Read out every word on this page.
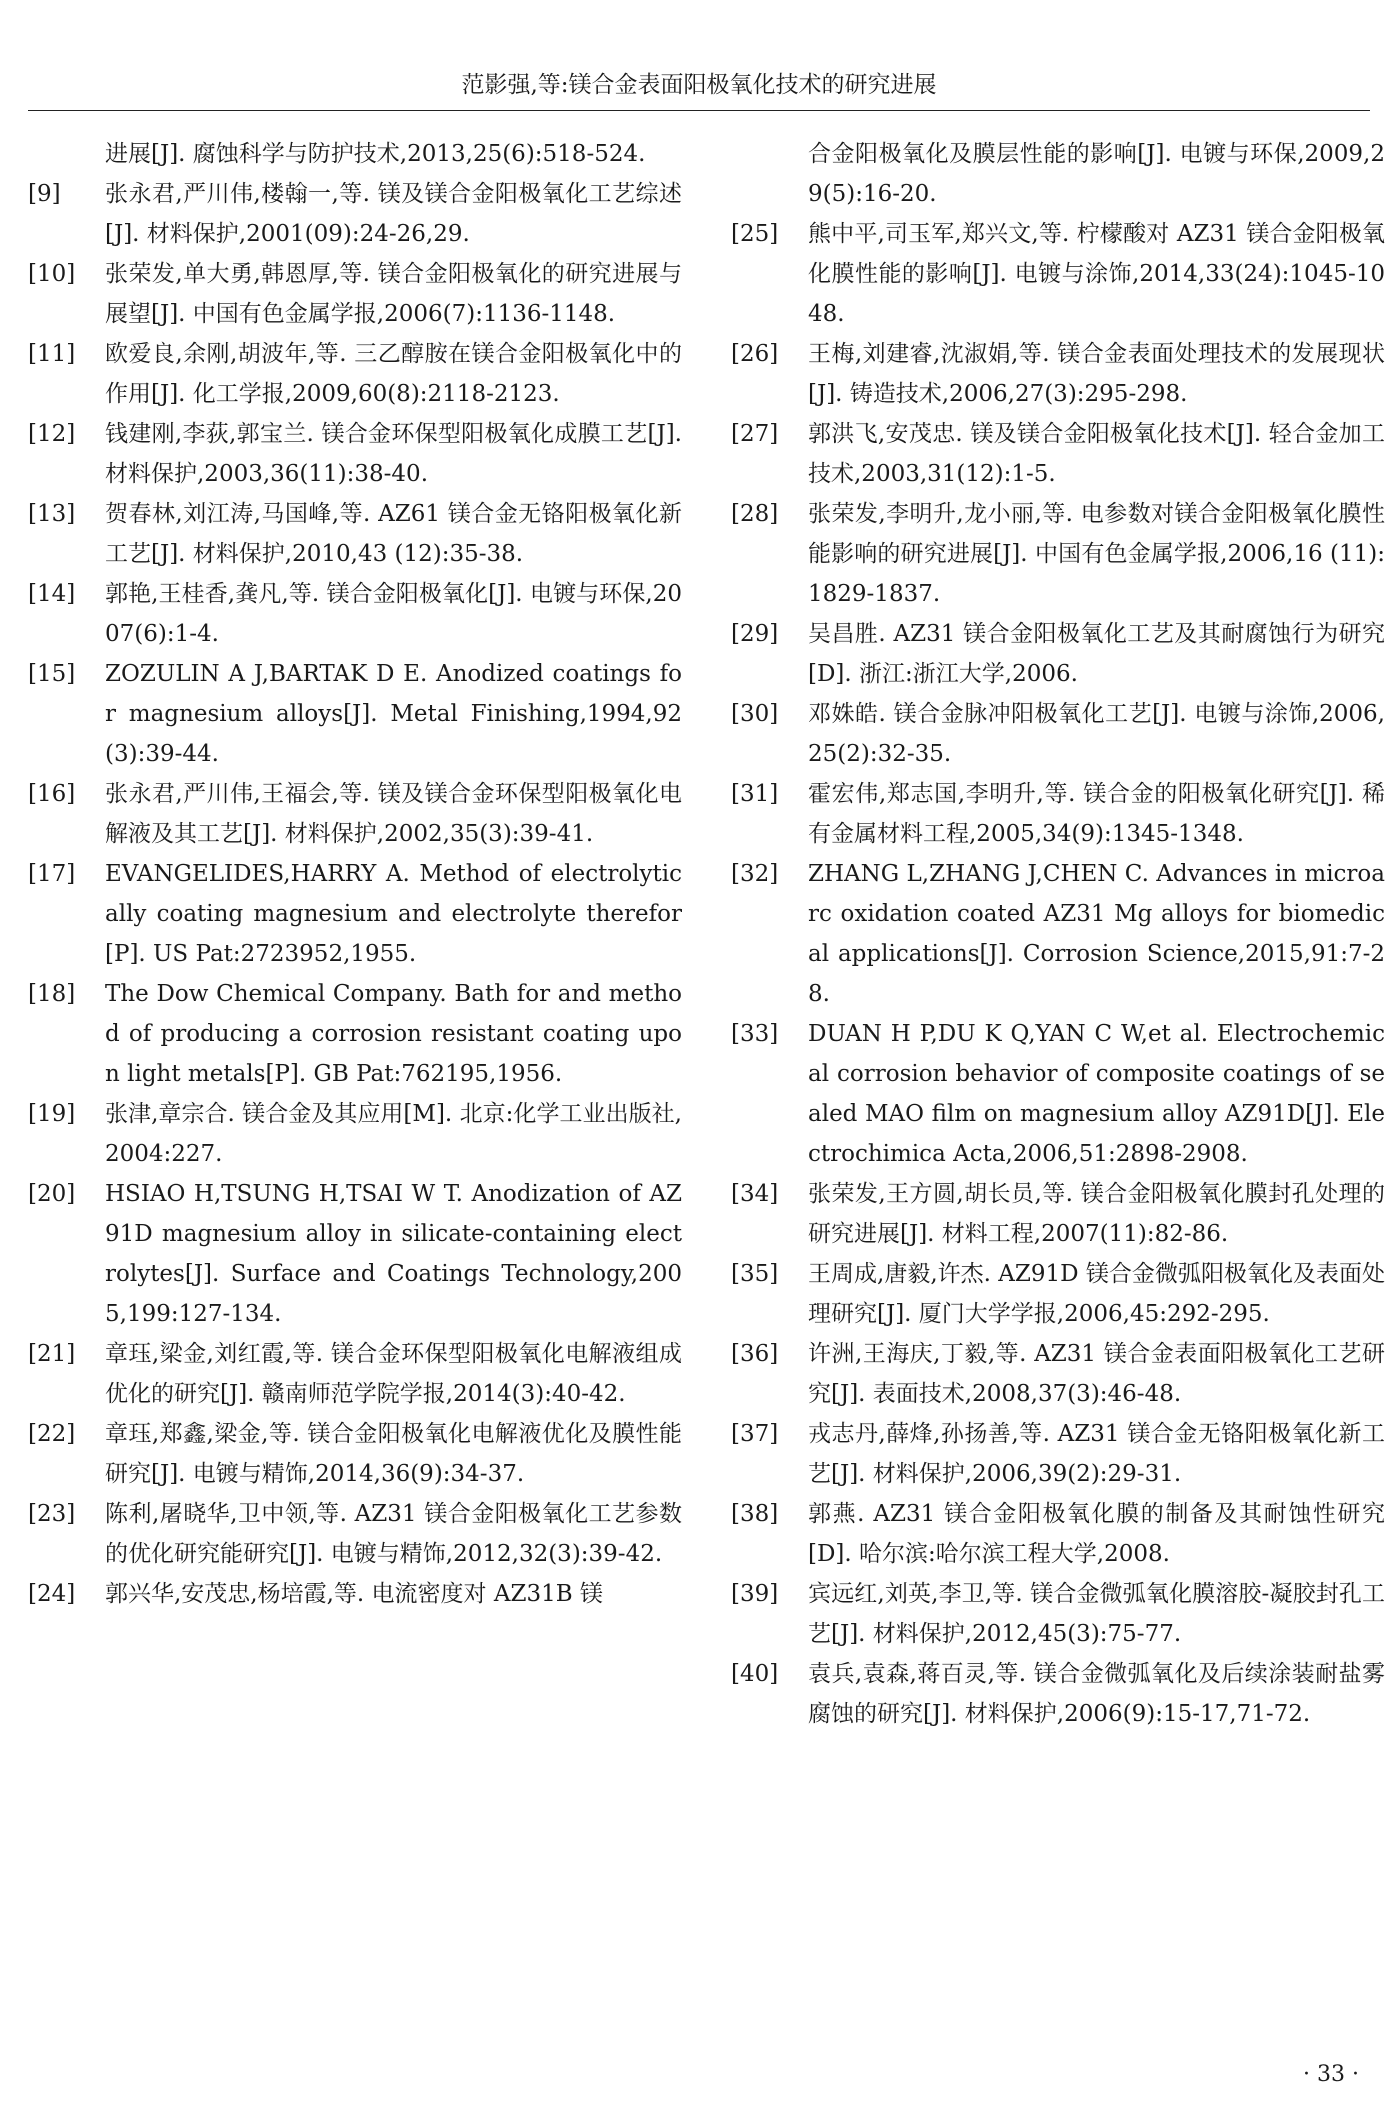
范影强,等:镁合金表面阳极氧化技术的研究进展
进展[J]. 腐蚀科学与防护技术,2013,25(6):518-524.
[9]	张永君,严川伟,楼翰一,等. 镁及镁合金阳极氧化工艺综述[J]. 材料保护,2001(09):24-26,29.
[10]	张荣发,单大勇,韩恩厚,等. 镁合金阳极氧化的研究进展与展望[J]. 中国有色金属学报,2006(7):1136-1148.
[11]	欧爱良,余刚,胡波年,等. 三乙醇胺在镁合金阳极氧化中的作用[J]. 化工学报,2009,60(8):2118-2123.
[12]	钱建刚,李荻,郭宝兰. 镁合金环保型阳极氧化成膜工艺[J]. 材料保护,2003,36(11):38-40.
[13]	贺春林,刘江涛,马国峰,等. AZ61 镁合金无铬阳极氧化新工艺[J]. 材料保护,2010,43 (12):35-38.
[14]	郭艳,王桂香,龚凡,等. 镁合金阳极氧化[J]. 电镀与环保,2007(6):1-4.
[15]	ZOZULIN A J,BARTAK D E. Anodized coatings for magnesium alloys[J]. Metal Finishing,1994,92(3):39-44.
[16]	张永君,严川伟,王福会,等. 镁及镁合金环保型阳极氧化电解液及其工艺[J]. 材料保护,2002,35(3):39-41.
[17]	EVANGELIDES,HARRY A. Method of electrolytically coating magnesium and electrolyte therefor[P]. US Pat:2723952,1955.
[18]	The Dow Chemical Company. Bath for and method of producing a corrosion resistant coating upon light metals[P]. GB Pat:762195,1956.
[19]	张津,章宗合. 镁合金及其应用[M]. 北京:化学工业出版社,2004:227.
[20]	HSIAO H,TSUNG H,TSAI W T. Anodization of AZ91D magnesium alloy in silicate-containing electrolytes[J]. Surface and Coatings Technology,2005,199:127-134.
[21]	章珏,梁金,刘红霞,等. 镁合金环保型阳极氧化电解液组成优化的研究[J]. 赣南师范学院学报,2014(3):40-42.
[22]	章珏,郑鑫,梁金,等. 镁合金阳极氧化电解液优化及膜性能研究[J]. 电镀与精饰,2014,36(9):34-37.
[23]	陈利,屠晓华,卫中领,等. AZ31 镁合金阳极氧化工艺参数的优化研究能研究[J]. 电镀与精饰,2012,32(3):39-42.
[24]	郭兴华,安茂忠,杨培霞,等. 电流密度对 AZ31B 镁
合金阳极氧化及膜层性能的影响[J]. 电镀与环保,2009,29(5):16-20.
[25]	熊中平,司玉军,郑兴文,等. 柠檬酸对 AZ31 镁合金阳极氧化膜性能的影响[J]. 电镀与涂饰,2014,33(24):1045-1048.
[26]	王梅,刘建睿,沈淑娟,等. 镁合金表面处理技术的发展现状[J]. 铸造技术,2006,27(3):295-298.
[27]	郭洪飞,安茂忠. 镁及镁合金阳极氧化技术[J]. 轻合金加工技术,2003,31(12):1-5.
[28]	张荣发,李明升,龙小丽,等. 电参数对镁合金阳极氧化膜性能影响的研究进展[J]. 中国有色金属学报,2006,16 (11):1829-1837.
[29]	吴昌胜. AZ31 镁合金阳极氧化工艺及其耐腐蚀行为研究[D]. 浙江:浙江大学,2006.
[30]	邓姝皓. 镁合金脉冲阳极氧化工艺[J]. 电镀与涂饰,2006,25(2):32-35.
[31]	霍宏伟,郑志国,李明升,等. 镁合金的阳极氧化研究[J]. 稀有金属材料工程,2005,34(9):1345-1348.
[32]	ZHANG L,ZHANG J,CHEN C. Advances in microarc oxidation coated AZ31 Mg alloys for biomedical applications[J]. Corrosion Science,2015,91:7-28.
[33]	DUAN H P,DU K Q,YAN C W,et al. Electrochemical corrosion behavior of composite coatings of sealed MAO film on magnesium alloy AZ91D[J]. Electrochimica Acta,2006,51:2898-2908.
[34]	张荣发,王方圆,胡长员,等. 镁合金阳极氧化膜封孔处理的研究进展[J]. 材料工程,2007(11):82-86.
[35]	王周成,唐毅,许杰. AZ91D 镁合金微弧阳极氧化及表面处理研究[J]. 厦门大学学报,2006,45:292-295.
[36]	许洲,王海庆,丁毅,等. AZ31 镁合金表面阳极氧化工艺研究[J]. 表面技术,2008,37(3):46-48.
[37]	戎志丹,薛烽,孙扬善,等. AZ31 镁合金无铬阳极氧化新工艺[J]. 材料保护,2006,39(2):29-31.
[38]	郭燕. AZ31 镁合金阳极氧化膜的制备及其耐蚀性研究[D]. 哈尔滨:哈尔滨工程大学,2008.
[39]	宾远红,刘英,李卫,等. 镁合金微弧氧化膜溶胶-凝胶封孔工艺[J]. 材料保护,2012,45(3):75-77.
[40]	袁兵,袁森,蒋百灵,等. 镁合金微弧氧化及后续涂装耐盐雾腐蚀的研究[J]. 材料保护,2006(9):15-17,71-72.
· 33 ·
